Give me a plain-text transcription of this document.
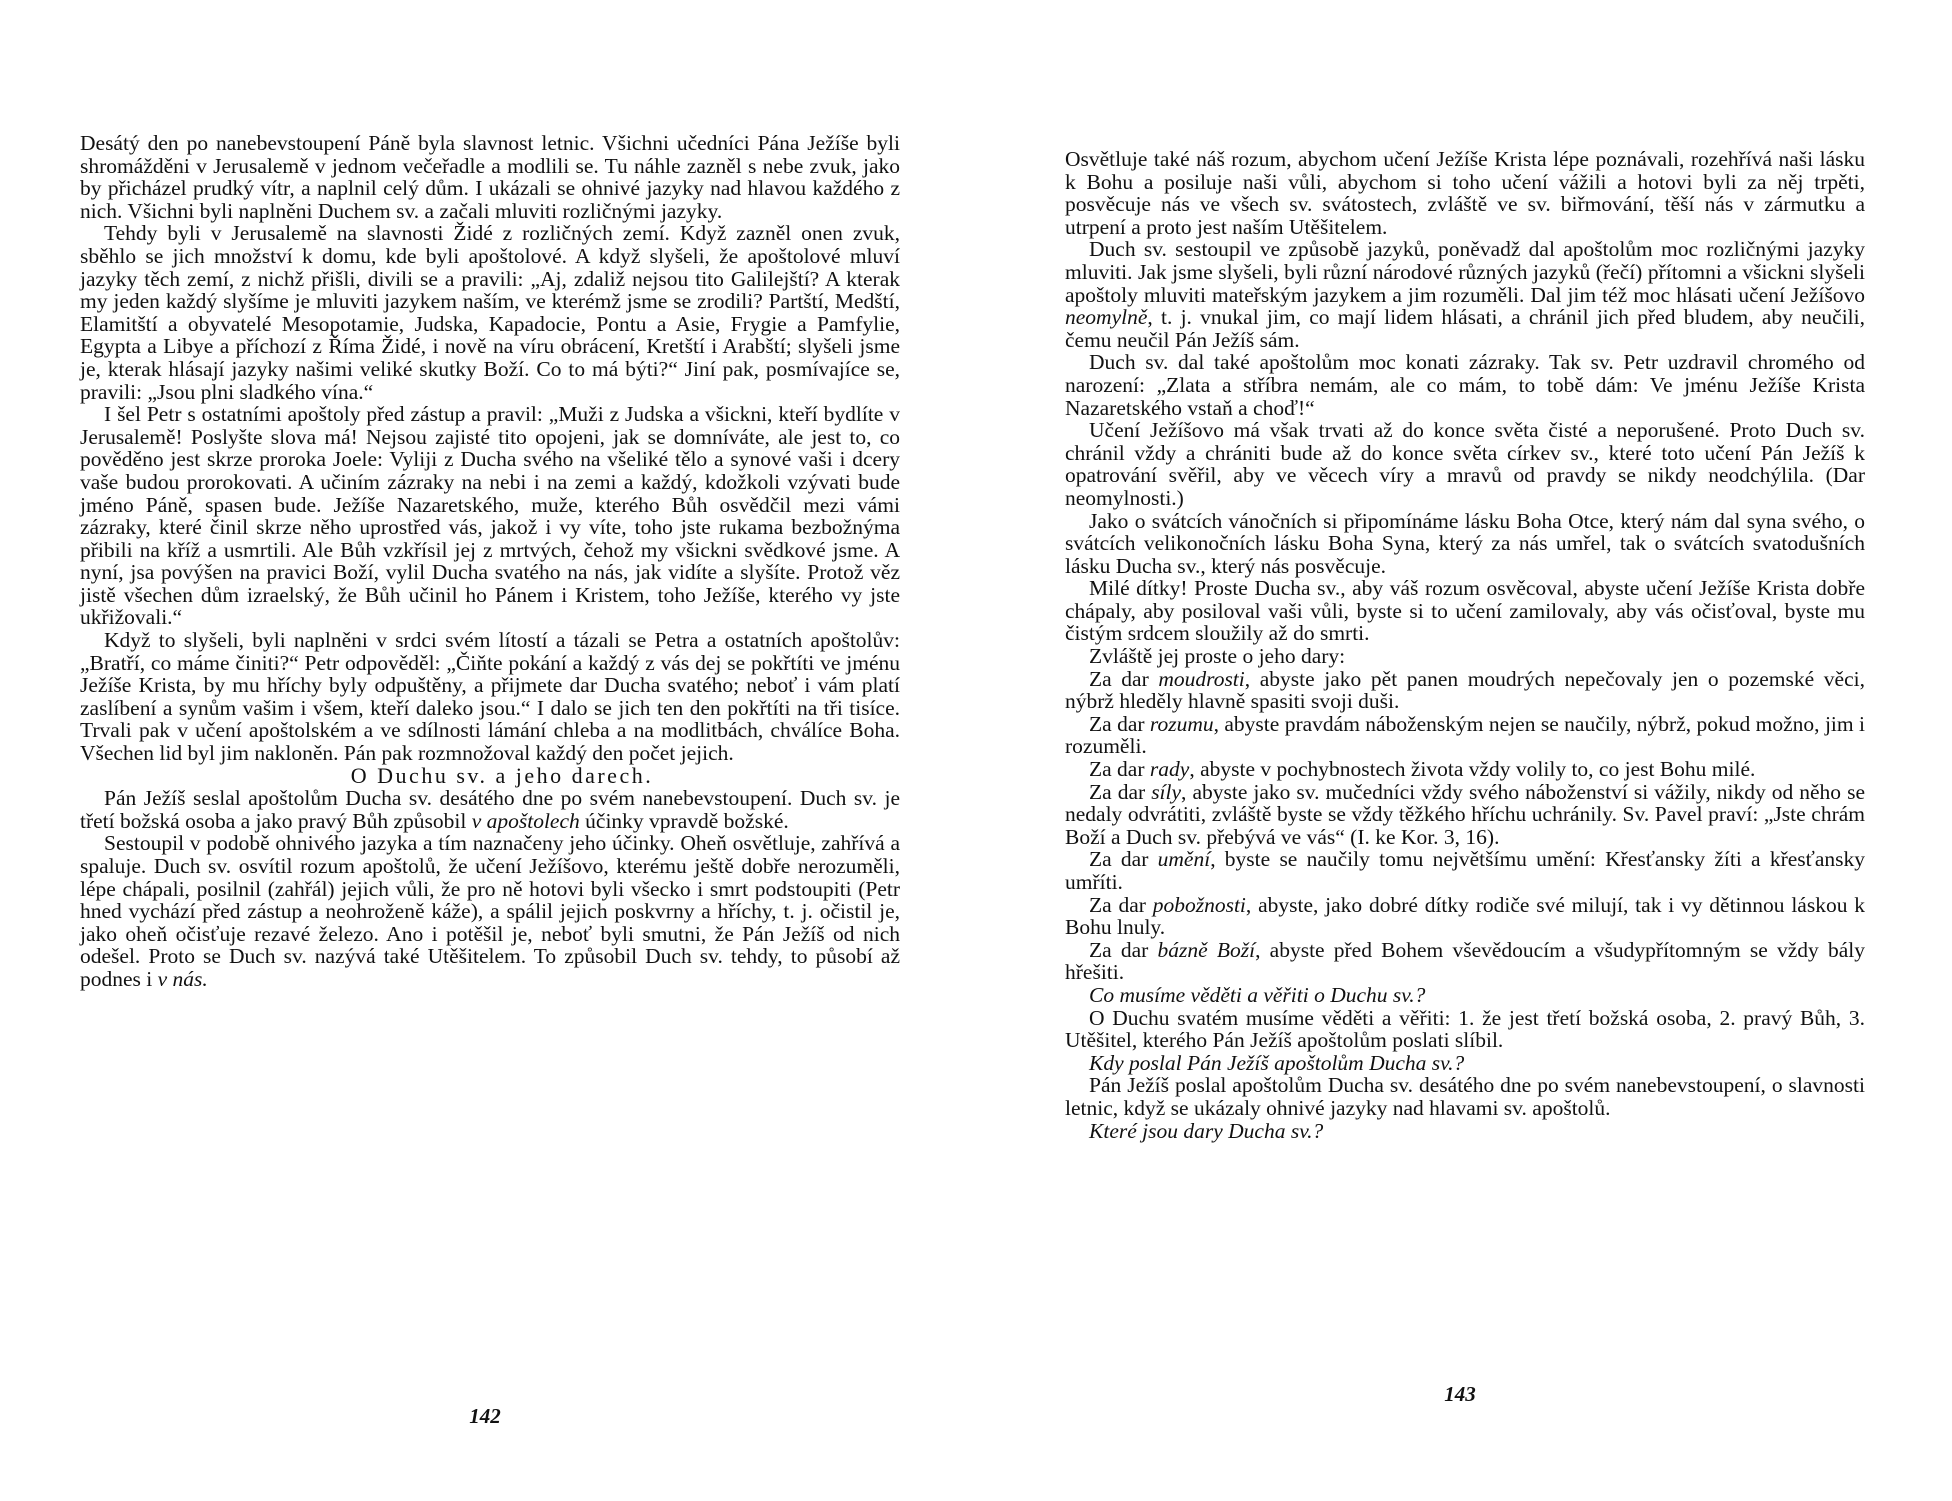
Desátý den po nanebevstoupení Páně byla slavnost letnic. Všichni učedníci Pána Ježíše byli shromážděni v Jerusalemě v jednom večeřadle a modlili se. Tu náhle zazněl s nebe zvuk, jako by přicházel prudký vítr, a naplnil celý dům. I ukázali se ohnivé jazyky nad hlavou každého z nich. Všichni byli naplněni Duchem sv. a začali mluviti rozličnými jazyky.

Tehdy byli v Jerusalemě na slavnosti Židé z rozličných zemí. Když zazněl onen zvuk, sběhlo se jich množství k domu, kde byli apoštolové. A když slyšeli, že apoštolové mluví jazyky těch zemí, z nichž přišli, divili se a pravili: „Aj, zdaliž nejsou tito Galilejští? A kterak my jeden každý slyšíme je mluviti jazykem naším, ve kterémž jsme se zrodili? Partští, Medští, Elamitští a obyvatelé Mesopotamie, Judska, Kapadocie, Pontu a Asie, Frygie a Pamfylie, Egypta a Libye a příchozí z Říma Židé, i nově na víru obrácení, Kretští i Arabští; slyšeli jsme je, kterak hlásají jazyky našimi veliké skutky Boží. Co to má býti?“ Jiní pak, posmívajíce se, pravili: „Jsou plni sladkého vína.“

I šel Petr s ostatními apoštoly před zástup a pravil: „Muži z Judska a všickni, kteří bydlíte v Jerusalemě! Poslyšte slova má! Nejsou zajisté tito opojeni, jak se domníváte, ale jest to, co pověděno jest skrze proroka Joele: Vyliji z Ducha svého na všeliké tělo a synové vaši i dcery vaše budou prorokovati. A učiním zázraky na nebi i na zemi a každý, kdožkoli vzývati bude jméno Páně, spasen bude. Ježíše Nazaretského, muže, kterého Bůh osvědčil mezi vámi zázraky, které činil skrze něho uprostřed vás, jakož i vy víte, toho jste rukama bezbožnýma přibili na kříž a usmrtili. Ale Bůh vzkřísil jej z mrtvých, čehož my všickni svědkové jsme. A nyní, jsa povýšen na pravici Boží, vylil Ducha svatého na nás, jak vidíte a slyšíte. Protož věz jistě všechen dům izraelský, že Bůh učinil ho Pánem i Kristem, toho Ježíše, kterého vy jste ukřižovali.“

Když to slyšeli, byli naplněni v srdci svém lítostí a tázali se Petra a ostatních apoštolův: „Bratří, co máme činiti?“ Petr odpověděl: „Čiňte pokání a každý z vás dej se pokřtíti ve jménu Ježíše Krista, by mu hříchy byly odpuštěny, a přijmete dar Ducha svatého; neboť i vám platí zaslíbení a synům vašim i všem, kteří daleko jsou.“ I dalo se jich ten den pokřtíti na tři tisíce. Trvali pak v učení apoštolském a ve sdílnosti lámání chleba a na modlitbách, chválíce Boha. Všechen lid byl jim nakloněn. Pán pak rozmnožoval každý den počet jejich.

O Duchu sv. a jeho darech.

Pán Ježíš seslal apoštolům Ducha sv. desátého dne po svém nanebevstoupení. Duch sv. je třetí božská osoba a jako pravý Bůh způsobil v apoštolech účinky vpravdě božské.

Sestoupil v podobě ohnivého jazyka a tím naznačeny jeho účinky. Oheň osvětluje, zahřívá a spaluje. Duch sv. osvítil rozum apoštolů, že učení Ježíšovo, kterému ještě dobře nerozuměli, lépe chápali, posilnil (zahřál) jejich vůli, že pro ně hotovi byli všecko i smrt podstoupiti (Petr hned vychází před zástup a neohroženě káže), a spálil jejich poskvrny a hříchy, t. j. očistil je, jako oheň očisťuje rezavé železo. Ano i potěšil je, neboť byli smutni, že Pán Ježíš od nich odešel. Proto se Duch sv. nazývá také Utěšitelem. To způsobil Duch sv. tehdy, to působí až podnes i v nás.

142

Osvětluje také náš rozum, abychom učení Ježíše Krista lépe poznávali, rozehřívá naši lásku k Bohu a posiluje naši vůli, abychom si toho učení vážili a hotovi byli za něj trpěti, posvěcuje nás ve všech sv. svátostech, zvláště ve sv. biřmování, těší nás v zármutku a utrpení a proto jest naším Utěšitelem.

Duch sv. sestoupil ve způsobě jazyků, poněvadž dal apoštolům moc rozličnými jazyky mluviti. Jak jsme slyšeli, byli různí národové různých jazyků (řečí) přítomni a všickni slyšeli apoštoly mluviti mateřským jazykem a jim rozuměli. Dal jim též moc hlásati učení Ježíšovo neomylně, t. j. vnukal jim, co mají lidem hlásati, a chránil jich před bludem, aby neučili, čemu neučil Pán Ježíš sám.

Duch sv. dal také apoštolům moc konati zázraky. Tak sv. Petr uzdravil chromého od narození: „Zlata a stříbra nemám, ale co mám, to tobě dám: Ve jménu Ježíše Krista Nazaretského vstaň a choď!“

Učení Ježíšovo má však trvati až do konce světa čisté a neporušené. Proto Duch sv. chránil vždy a chrániti bude až do konce světa církev sv., které toto učení Pán Ježíš k opatrování svěřil, aby ve věcech víry a mravů od pravdy se nikdy neodchýlila. (Dar neomylnosti.)

Jako o svátcích vánočních si připomínáme lásku Boha Otce, který nám dal syna svého, o svátcích velikonočních lásku Boha Syna, který za nás umřel, tak o svátcích svatodušních lásku Ducha sv., který nás posvěcuje.

Milé dítky! Proste Ducha sv., aby váš rozum osvěcoval, abyste učení Ježíše Krista dobře chápaly, aby posiloval vaši vůli, byste si to učení zamilovaly, aby vás očisťoval, byste mu čistým srdcem sloužily až do smrti.

Zvláště jej proste o jeho dary:

Za dar moudrosti, abyste jako pět panen moudrých nepečovaly jen o pozemské věci, nýbrž hleděly hlavně spasiti svoji duši.

Za dar rozumu, abyste pravdám náboženským nejen se naučily, nýbrž, pokud možno, jim i rozuměli.

Za dar rady, abyste v pochybnostech života vždy volily to, co jest Bohu milé.

Za dar síly, abyste jako sv. mučedníci vždy svého náboženství si vážily, nikdy od něho se nedaly odvrátiti, zvláště byste se vždy těžkého hříchu uchránily. Sv. Pavel praví: „Jste chrám Boží a Duch sv. přebývá ve vás“ (I. ke Kor. 3, 16).

Za dar umění, byste se naučily tomu největšímu umění: Křesťansky žíti a křesťansky umříti.

Za dar pobožnosti, abyste, jako dobré dítky rodiče své milují, tak i vy dětinnou láskou k Bohu lnuly.

Za dar bázně Boží, abyste před Bohem vševědoucím a všudypřítomným se vždy bály hřešiti.

Co musíme věděti a věřiti o Duchu sv.?

O Duchu svatém musíme věděti a věřiti: 1. že jest třetí božská osoba, 2. pravý Bůh, 3. Utěšitel, kterého Pán Ježíš apoštolům poslati slíbil.

Kdy poslal Pán Ježíš apoštolům Ducha sv.?

Pán Ježíš poslal apoštolům Ducha sv. desátého dne po svém nanebevstoupení, o slavnosti letnic, když se ukázaly ohnivé jazyky nad hlavami sv. apoštolů.

Které jsou dary Ducha sv.?

143
